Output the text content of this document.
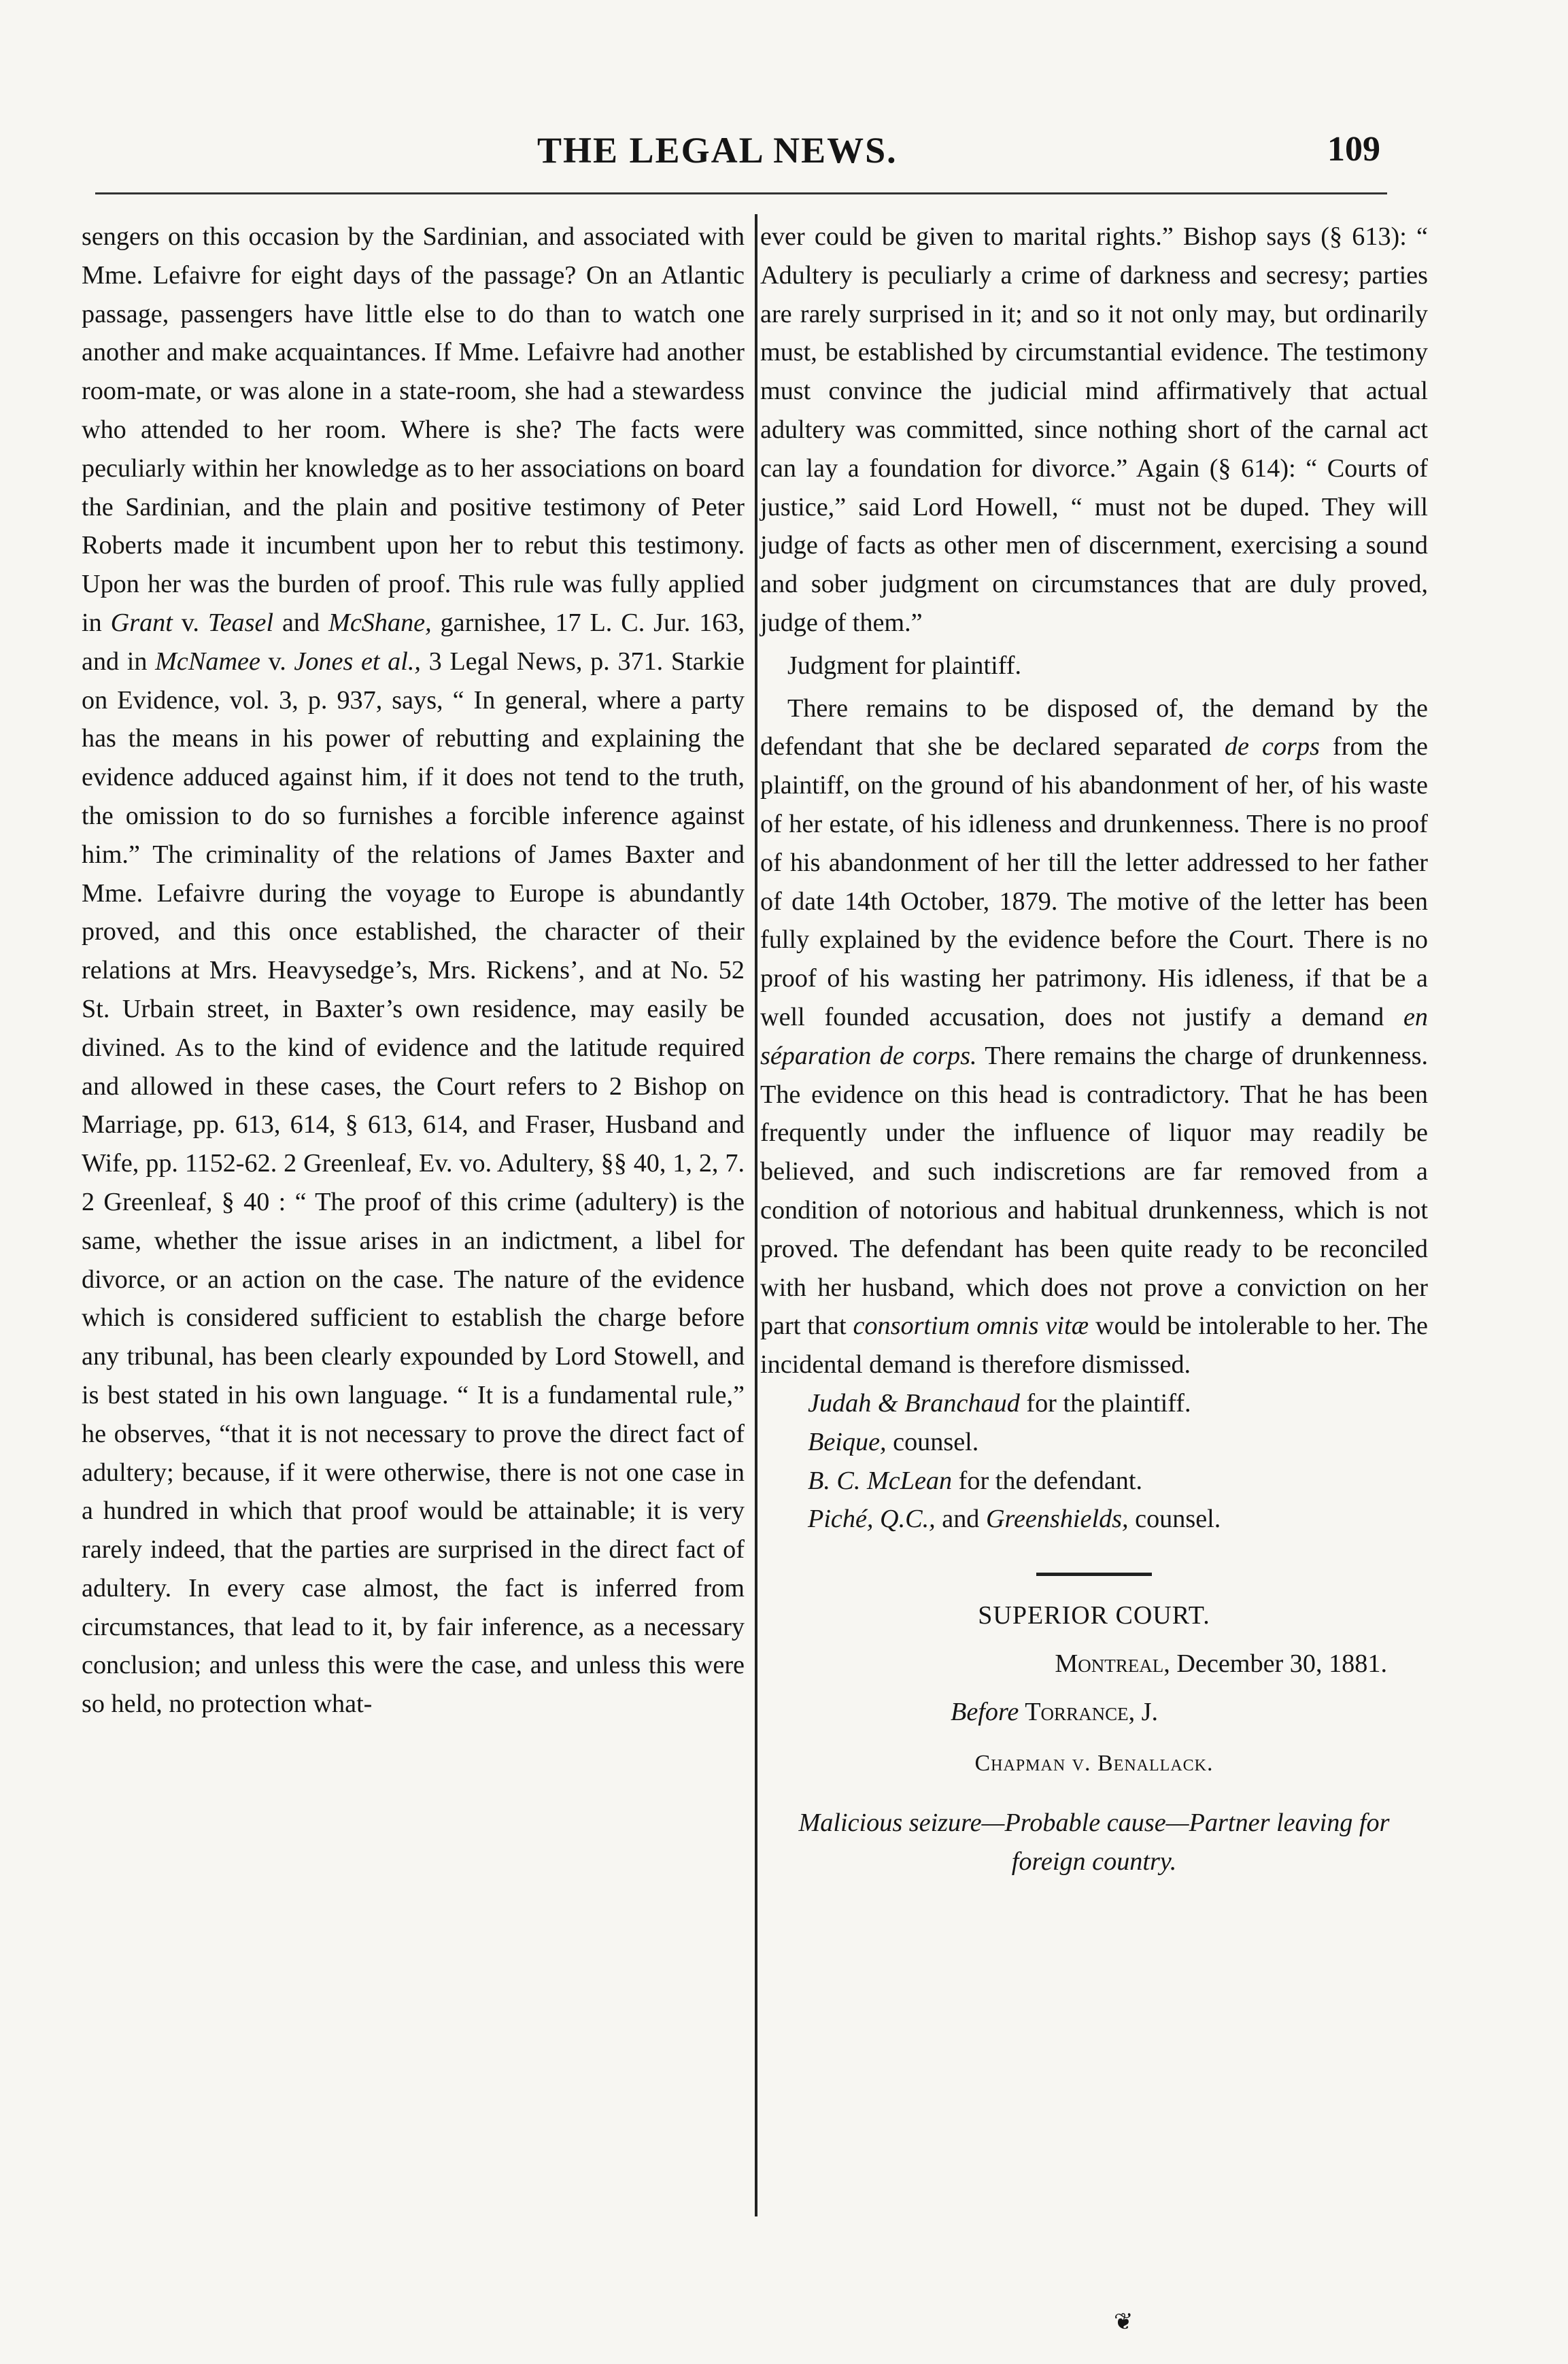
THE LEGAL NEWS.	109

sengers on this occasion by the Sardinian, and associated with Mme. Lefaivre for eight days of the passage? On an Atlantic passage, passengers have little else to do than to watch one another and make acquaintances. If Mme. Lefaivre had another room-mate, or was alone in a state-room, she had a stewardess who attended to her room. Where is she? The facts were peculiarly within her knowledge as to her associations on board the Sardinian, and the plain and positive testimony of Peter Roberts made it incumbent upon her to rebut this testimony. Upon her was the burden of proof. This rule was fully applied in Grant v. Teasel and McShane, garnishee, 17 L. C. Jur. 163, and in McNamee v. Jones et al., 3 Legal News, p. 371. Starkie on Evidence, vol. 3, p. 937, says, “ In general, where a party has the means in his power of rebutting and explaining the evidence adduced against him, if it does not tend to the truth, the omission to do so furnishes a forcible inference against him.” The criminality of the relations of James Baxter and Mme. Lefaivre during the voyage to Europe is abundantly proved, and this once established, the character of their relations at Mrs. Heavysedge’s, Mrs. Rickens’, and at No. 52 St. Urbain street, in Baxter’s own residence, may easily be divined. As to the kind of evidence and the latitude required and allowed in these cases, the Court refers to 2 Bishop on Marriage, pp. 613, 614, § 613, 614, and Fraser, Husband and Wife, pp. 1152-62. 2 Greenleaf, Ev. vo. Adultery, §§ 40, 1, 2, 7. 2 Greenleaf, § 40 : “ The proof of this crime (adultery) is the same, whether the issue arises in an indictment, a libel for divorce, or an action on the case. The nature of the evidence which is considered sufficient to establish the charge before any tribunal, has been clearly expounded by Lord Stowell, and is best stated in his own language. “ It is a fundamental rule,” he observes, “that it is not necessary to prove the direct fact of adultery; because, if it were otherwise, there is not one case in a hundred in which that proof would be attainable; it is very rarely indeed, that the parties are surprised in the direct fact of adultery. In every case almost, the fact is inferred from circumstances, that lead to it, by fair inference, as a necessary conclusion; and unless this were the case, and unless this were so held, no protection what-

ever could be given to marital rights.” Bishop says (§ 613): “ Adultery is peculiarly a crime of darkness and secresy; parties are rarely surprised in it; and so it not only may, but ordinarily must, be established by circumstantial evidence. The testimony must convince the judicial mind affirmatively that actual adultery was committed, since nothing short of the carnal act can lay a foundation for divorce.” Again (§ 614): “ Courts of justice,” said Lord Howell, “ must not be duped. They will judge of facts as other men of discernment, exercising a sound and sober judgment on circumstances that are duly proved, judge of them.”

Judgment for plaintiff.

There remains to be disposed of, the demand by the defendant that she be declared separated de corps from the plaintiff, on the ground of his abandonment of her, of his waste of her estate, of his idleness and drunkenness. There is no proof of his abandonment of her till the letter addressed to her father of date 14th October, 1879. The motive of the letter has been fully explained by the evidence before the Court. There is no proof of his wasting her patrimony. His idleness, if that be a well founded accusation, does not justify a demand en séparation de corps. There remains the charge of drunkenness. The evidence on this head is contradictory. That he has been frequently under the influence of liquor may readily be believed, and such indiscretions are far removed from a condition of notorious and habitual drunkenness, which is not proved. The defendant has been quite ready to be reconciled with her husband, which does not prove a conviction on her part that consortium omnis vitæ would be intolerable to her. The incidental demand is therefore dismissed.

Judah & Branchaud for the plaintiff.

Beique, counsel.

B. C. McLean for the defendant.

Piché, Q.C., and Greenshields, counsel.

SUPERIOR COURT.

Montreal, December 30, 1881.

Before Torrance, J.

Chapman v. Benallack.

Malicious seizure—Probable cause—Partner leaving for foreign country.

❦
